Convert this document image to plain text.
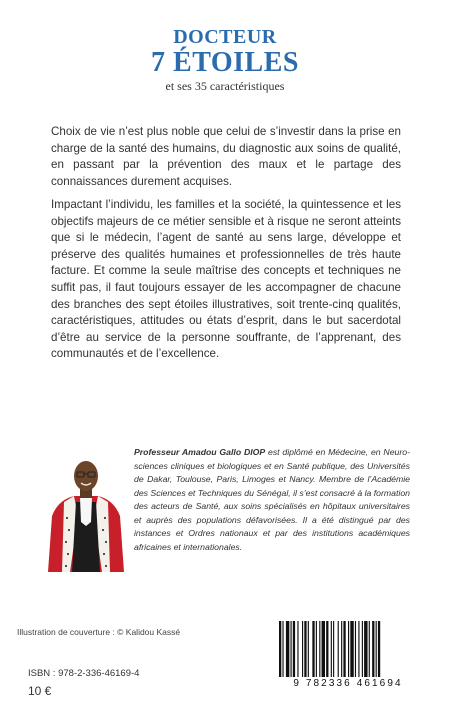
DOCTEUR
7 ÉTOILES
et ses 35 caractéristiques

Choix de vie n’est plus noble que celui de s’investir dans la prise en charge de la santé des humains, du diagnostic aux soins de qualité, en passant par la prévention des maux et le partage des connaissances durement acquises.

Impactant l’individu, les familles et la société, la quintessence et les objectifs majeurs de ce métier sensible et à risque ne seront atteints que si le médecin, l’agent de santé au sens large, développe et préserve des qualités humaines et professionnelles de très haute facture. Et comme la seule maîtrise des concepts et techniques ne suffit pas, il faut toujours essayer de les accompagner de chacune des branches des sept étoiles illustratives, soit trente-cinq qualités, caractéristiques, attitudes ou états d’esprit, dans le but sacerdotal d’être au service de la personne souffrante, de l’apprenant, des communautés et de l’excellence.

Professeur Amadou Gallo DIOP est diplômé en Médecine, en Neuro-sciences cliniques et biologiques et en Santé publique, des Universités de Dakar, Toulouse, Paris, Limoges et Nancy. Membre de l’Académie des Sciences et Techniques du Sénégal, il s’est consacré à la formation des acteurs de Santé, aux soins spécialisés en hôpitaux universitaires et auprès des populations défavorisées. Il a été distingué par des instances et Ordres nationaux et par des institutions académiques africaines et internationales.

Illustration de couverture : © Kalidou Kassé
ISBN : 978-2-336-46169-4
10 €
9 782336 461694
